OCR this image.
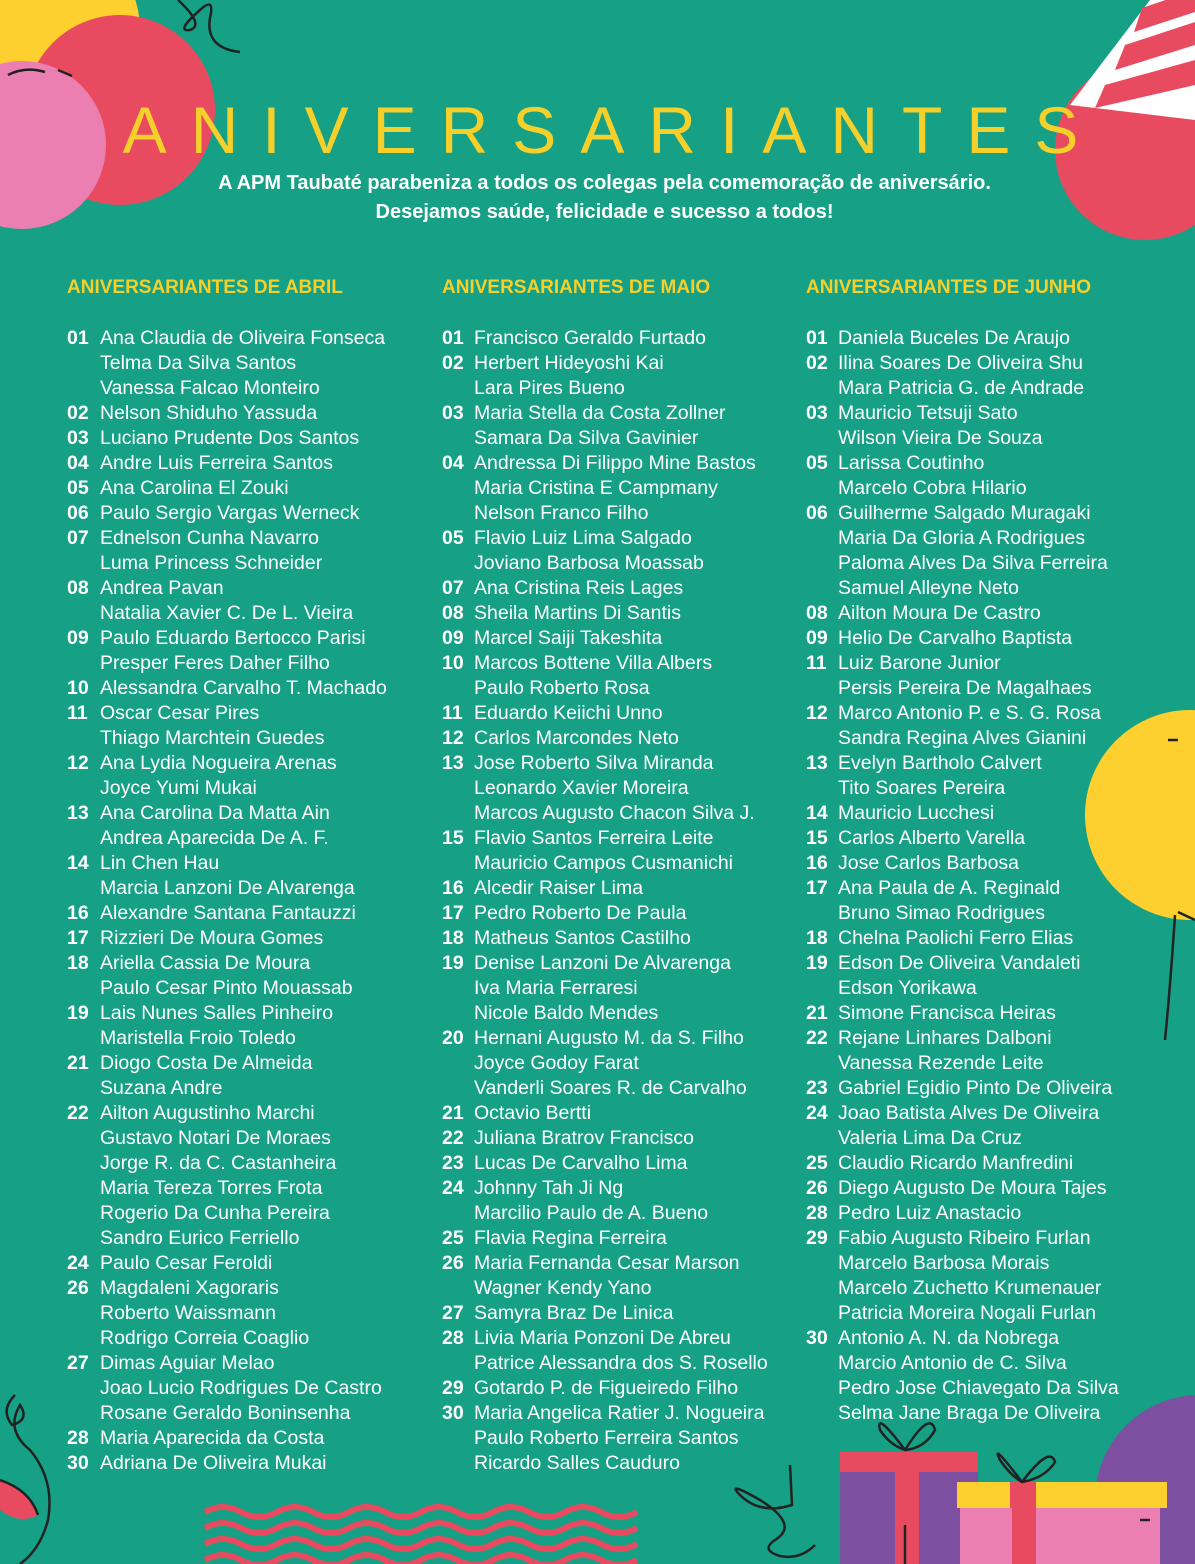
ANIVERSARIANTES
A APM Taubaté parabeniza a todos os colegas pela comemoração de aniversário.
Desejamos saúde, felicidade e sucesso a todos!
ANIVERSARIANTES DE ABRIL
01 Ana Claudia de Oliveira Fonseca
Telma Da Silva Santos
Vanessa Falcao Monteiro
02 Nelson Shiduho Yassuda
03 Luciano Prudente Dos Santos
04 Andre Luis Ferreira Santos
05 Ana Carolina El Zouki
06 Paulo Sergio Vargas Werneck
07 Ednelson Cunha Navarro
Luma Princess Schneider
08 Andrea Pavan
Natalia Xavier C. De L. Vieira
09 Paulo Eduardo Bertocco Parisi
Presper Feres Daher Filho
10 Alessandra Carvalho T. Machado
11 Oscar Cesar Pires
Thiago Marchtein Guedes
12 Ana Lydia Nogueira Arenas
Joyce Yumi Mukai
13 Ana Carolina Da Matta Ain
Andrea Aparecida De A. F.
14 Lin Chen Hau
Marcia Lanzoni De Alvarenga
16 Alexandre Santana Fantauzzi
17 Rizzieri De Moura Gomes
18 Ariella Cassia De Moura
Paulo Cesar Pinto Mouassab
19 Lais Nunes Salles Pinheiro
Maristella Froio Toledo
21 Diogo Costa De Almeida
Suzana Andre
22 Ailton Augustinho Marchi
Gustavo Notari De Moraes
Jorge R. da C. Castanheira
Maria Tereza Torres Frota
Rogerio Da Cunha Pereira
Sandro Eurico Ferriello
24 Paulo Cesar Feroldi
26 Magdaleni Xagoraris
Roberto Waissmann
Rodrigo Correia Coaglio
27 Dimas Aguiar Melao
Joao Lucio Rodrigues De Castro
Rosane Geraldo Boninsenha
28 Maria Aparecida da Costa
30 Adriana De Oliveira Mukai
ANIVERSARIANTES DE MAIO
01 Francisco Geraldo Furtado
02 Herbert Hideyoshi Kai
Lara Pires Bueno
03 Maria Stella da Costa Zollner
Samara Da Silva Gavinier
04 Andressa Di Filippo Mine Bastos
Maria Cristina E Campmany
Nelson Franco Filho
05 Flavio Luiz Lima Salgado
Joviano Barbosa Moassab
07 Ana Cristina Reis Lages
08 Sheila Martins Di Santis
09 Marcel Saiji Takeshita
10 Marcos Bottene Villa Albers
Paulo Roberto Rosa
11 Eduardo Keiichi Unno
12 Carlos Marcondes Neto
13 Jose Roberto Silva Miranda
Leonardo Xavier Moreira
Marcos Augusto Chacon Silva J.
15 Flavio Santos Ferreira Leite
Mauricio Campos Cusmanichi
16 Alcedir Raiser Lima
17 Pedro Roberto De Paula
18 Matheus Santos Castilho
19 Denise Lanzoni De Alvarenga
Iva Maria Ferraresi
Nicole Baldo Mendes
20 Hernani Augusto M. da S. Filho
Joyce Godoy Farat
Vanderli Soares R. de Carvalho
21 Octavio Bertti
22 Juliana Bratrov Francisco
23 Lucas De Carvalho Lima
24 Johnny Tah Ji Ng
Marcilio Paulo de A. Bueno
25 Flavia Regina Ferreira
26 Maria Fernanda Cesar Marson
Wagner Kendy Yano
27 Samyra Braz De Linica
28 Livia Maria Ponzoni De Abreu
Patrice Alessandra dos S. Rosello
29 Gotardo P. de Figueiredo Filho
30 Maria Angelica Ratier J. Nogueira
Paulo Roberto Ferreira Santos
Ricardo Salles Cauduro
ANIVERSARIANTES DE JUNHO
01 Daniela Buceles De Araujo
02 Ilina Soares De Oliveira Shu
Mara Patricia G. de Andrade
03 Mauricio Tetsuji Sato
Wilson Vieira De Souza
05 Larissa Coutinho
Marcelo Cobra Hilario
06 Guilherme Salgado Muragaki
Maria Da Gloria A Rodrigues
Paloma Alves Da Silva Ferreira
Samuel Alleyne Neto
08 Ailton Moura De Castro
09 Helio De Carvalho Baptista
11 Luiz Barone Junior
Persis Pereira De Magalhaes
12 Marco Antonio P. e S. G. Rosa
Sandra Regina Alves Gianini
13 Evelyn Bartholo Calvert
Tito Soares Pereira
14 Mauricio Lucchesi
15 Carlos Alberto Varella
16 Jose Carlos Barbosa
17 Ana Paula de A. Reginald
Bruno Simao Rodrigues
18 Chelna Paolichi Ferro Elias
19 Edson De Oliveira Vandaleti
Edson Yorikawa
21 Simone Francisca Heiras
22 Rejane Linhares Dalboni
Vanessa Rezende Leite
23 Gabriel Egidio Pinto De Oliveira
24 Joao Batista Alves De Oliveira
Valeria Lima Da Cruz
25 Claudio Ricardo Manfredini
26 Diego Augusto De Moura Tajes
28 Pedro Luiz Anastacio
29 Fabio Augusto Ribeiro Furlan
Marcelo Barbosa Morais
Marcelo Zuchetto Krumenauer
Patricia Moreira Nogali Furlan
30 Antonio A. N. da Nobrega
Marcio Antonio de C. Silva
Pedro Jose Chiavegato Da Silva
Selma Jane Braga De Oliveira
